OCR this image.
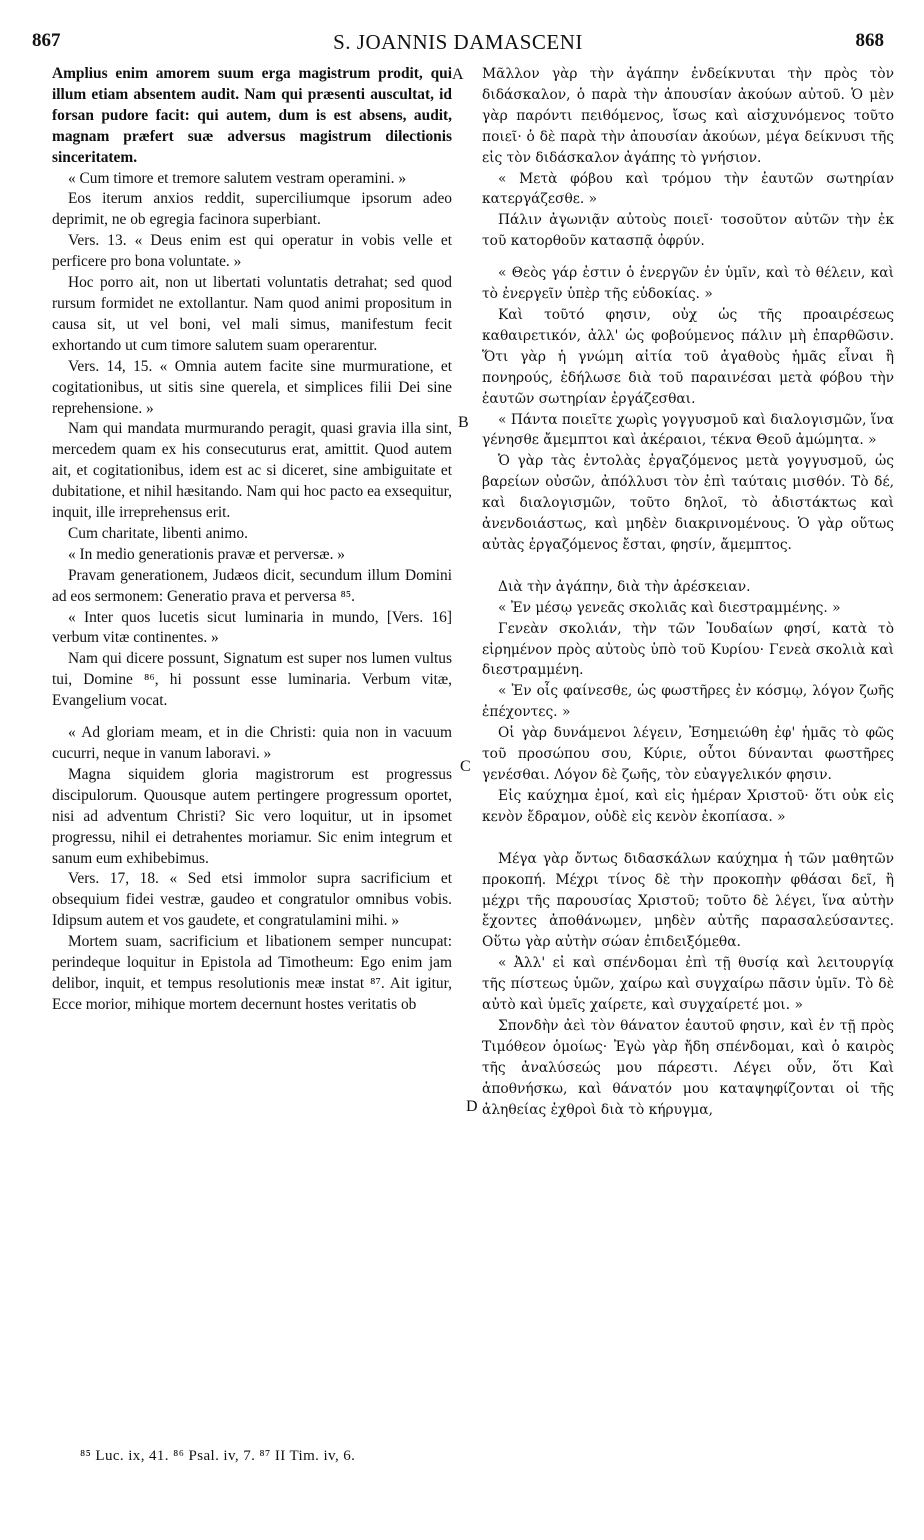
867	S. JOANNIS DAMASCENI	868

Amplius enim amorem suum erga magistrum prodit, qui illum etiam absentem audit. Nam qui præsenti auscultat, id forsan pudore facit: qui autem, dum is est absens, audit, magnam præfert suæ adversus magistrum dilectionis sinceritatem.

« Cum timore et tremore salutem vestram operamini. »

Eos iterum anxios reddit, superciliumque ipsorum adeo deprimit, ne ob egregia facinora superbiant.

Vers. 13. « Deus enim est qui operatur in vobis velle et perficere pro bona voluntate. »

Hoc porro ait, non ut libertati voluntatis detrahat; sed quod rursum formidet ne extollantur. Nam quod animi propositum in causa sit, ut vel boni, vel mali simus, manifestum fecit exhortando ut cum timore salutem suam operarentur.

Vers. 14, 15. « Omnia autem facite sine murmuratione, et cogitationibus, ut sitis sine querela, et simplices filii Dei sine reprehensione. »

Nam qui mandata murmurando peragit, quasi gravia illa sint, mercedem quam ex his consecuturus erat, amittit. Quod autem ait, et cogitationibus, idem est ac si diceret, sine ambiguitate et dubitatione, et nihil hæsitando. Nam qui hoc pacto ea exsequitur, inquit, ille irreprehensus erit.

Cum charitate, libenti animo.

« In medio generationis pravæ et perversæ. »

Pravam generationem, Judæos dicit, secundum illum Domini ad eos sermonem: Generatio prava et perversa ⁸⁵.

« Inter quos lucetis sicut luminaria in mundo, [Vers. 16] verbum vitæ continentes. »

Nam qui dicere possunt, Signatum est super nos lumen vultus tui, Domine ⁸⁶, hi possunt esse luminaria. Verbum vitæ, Evangelium vocat.

« Ad gloriam meam, et in die Christi: quia non in vacuum cucurri, neque in vanum laboravi. »

Magna siquidem gloria magistrorum est progressus discipulorum. Quousque autem pertingere progressum oportet, nisi ad adventum Christi? Sic vero loquitur, ut in ipsomet progressu, nihil ei detrahentes moriamur. Sic enim integrum et sanum eum exhibebimus.

Vers. 17, 18. « Sed etsi immolor supra sacrificium et obsequium fidei vestræ, gaudeo et congratulor omnibus vobis. Idipsum autem et vos gaudete, et congratulamini mihi. »

Mortem suam, sacrificium et libationem semper nuncupat: perindeque loquitur in Epistola ad Timotheum: Ego enim jam delibor, inquit, et tempus resolutionis meæ instat ⁸⁷. Ait igitur, Ecce morior, mihique mortem decernunt hostes veritatis ob

Μᾶλλον γὰρ τὴν ἀγάπην ἐνδείκνυται τὴν πρὸς τὸν διδάσκαλον, ὁ παρὰ τὴν ἀπουσίαν ἀκούων αὐτοῦ. Ὁ μὲν γὰρ παρόντι πειθόμενος, ἴσως καὶ αἰσχυνόμενος τοῦτο ποιεῖ· ὁ δὲ παρὰ τὴν ἀπουσίαν ἀκούων, μέγα δείκνυσι τῆς εἰς τὸν διδάσκαλον ἀγάπης τὸ γνήσιον.

« Μετὰ φόβου καὶ τρόμου τὴν ἑαυτῶν σωτηρίαν κατεργάζεσθε. »

Πάλιν ἀγωνιᾷν αὐτοὺς ποιεῖ· τοσοῦτον αὐτῶν τὴν ἐκ τοῦ κατορθοῦν κατασπᾷ ὀφρύν.

« Θεὸς γάρ ἐστιν ὁ ἐνεργῶν ἐν ὑμῖν, καὶ τὸ θέλειν, καὶ τὸ ἐνεργεῖν ὑπὲρ τῆς εὐδοκίας. »

Καὶ τοῦτό φησιν, οὐχ ὡς τῆς προαιρέσεως καθαιρετικόν, ἀλλ' ὡς φοβούμενος πάλιν μὴ ἐπαρθῶσιν. Ὅτι γὰρ ἡ γνώμη αἰτία τοῦ ἀγαθοὺς ἡμᾶς εἶναι ἢ πονηρούς, ἐδήλωσε διὰ τοῦ παραινέσαι μετὰ φόβου τὴν ἑαυτῶν σωτηρίαν ἐργάζεσθαι.

« Πάντα ποιεῖτε χωρὶς γογγυσμοῦ καὶ διαλογισμῶν, ἵνα γένησθε ἄμεμπτοι καὶ ἀκέραιοι, τέκνα Θεοῦ ἀμώμητα. »

Ὁ γὰρ τὰς ἐντολὰς ἐργαζόμενος μετὰ γογγυσμοῦ, ὡς βαρείων οὐσῶν, ἀπόλλυσι τὸν ἐπὶ ταύταις μισθόν. Τὸ δέ, καὶ διαλογισμῶν, τοῦτο δηλοῖ, τὸ ἀδιστάκτως καὶ ἀνενδοιάστως, καὶ μηδὲν διακρινομένους. Ὁ γὰρ οὕτως αὐτὰς ἐργαζόμενος ἔσται, φησίν, ἄμεμπτος.

Διὰ τὴν ἀγάπην, διὰ τὴν ἀρέσκειαν.

« Ἐν μέσῳ γενεᾶς σκολιᾶς καὶ διεστραμμένης. »

Γενεὰν σκολιάν, τὴν τῶν Ἰουδαίων φησί, κατὰ τὸ εἰρημένον πρὸς αὐτοὺς ὑπὸ τοῦ Κυρίου· Γενεὰ σκολιὰ καὶ διεστραμμένη.

« Ἐν οἷς φαίνεσθε, ὡς φωστῆρες ἐν κόσμῳ, λόγον ζωῆς ἐπέχοντες. »

Οἱ γὰρ δυνάμενοι λέγειν, Ἐσημειώθη ἐφ' ἡμᾶς τὸ φῶς τοῦ προσώπου σου, Κύριε, οὗτοι δύνανται φωστῆρες γενέσθαι. Λόγον δὲ ζωῆς, τὸν εὐαγγελικόν φησιν.

Εἰς καύχημα ἐμοί, καὶ εἰς ἡμέραν Χριστοῦ· ὅτι οὐκ εἰς κενὸν ἔδραμον, οὐδὲ εἰς κενὸν ἐκοπίασα. »

Μέγα γὰρ ὄντως διδασκάλων καύχημα ἡ τῶν μαθητῶν προκοπή. Μέχρι τίνος δὲ τὴν προκοπὴν φθάσαι δεῖ, ἢ μέχρι τῆς παρουσίας Χριστοῦ; τοῦτο δὲ λέγει, ἵνα αὐτὴν ἔχοντες ἀποθάνωμεν, μηδὲν αὐτῆς παρασαλεύσαντες. Οὕτω γὰρ αὐτὴν σώαν ἐπιδειξόμεθα.

« Ἀλλ' εἰ καὶ σπένδομαι ἐπὶ τῇ θυσίᾳ καὶ λειτουργίᾳ τῆς πίστεως ὑμῶν, χαίρω καὶ συγχαίρω πᾶσιν ὑμῖν. Τὸ δὲ αὐτὸ καὶ ὑμεῖς χαίρετε, καὶ συγχαίρετέ μοι. »

Σπονδὴν ἀεὶ τὸν θάνατον ἑαυτοῦ φησιν, καὶ ἐν τῇ πρὸς Τιμόθεον ὁμοίως· Ἐγὼ γὰρ ἤδη σπένδομαι, καὶ ὁ καιρὸς τῆς ἀναλύσεώς μου πάρεστι. Λέγει οὖν, ὅτι Καὶ ἀποθνήσκω, καὶ θάνατόν μου καταψηφίζονται οἱ τῆς ἀληθείας ἐχθροὶ διὰ τὸ κήρυγμα,

A
B
C
D
⁸⁵ Luc. ix, 41. ⁸⁶ Psal. iv, 7. ⁸⁷ II Tim. iv, 6.
